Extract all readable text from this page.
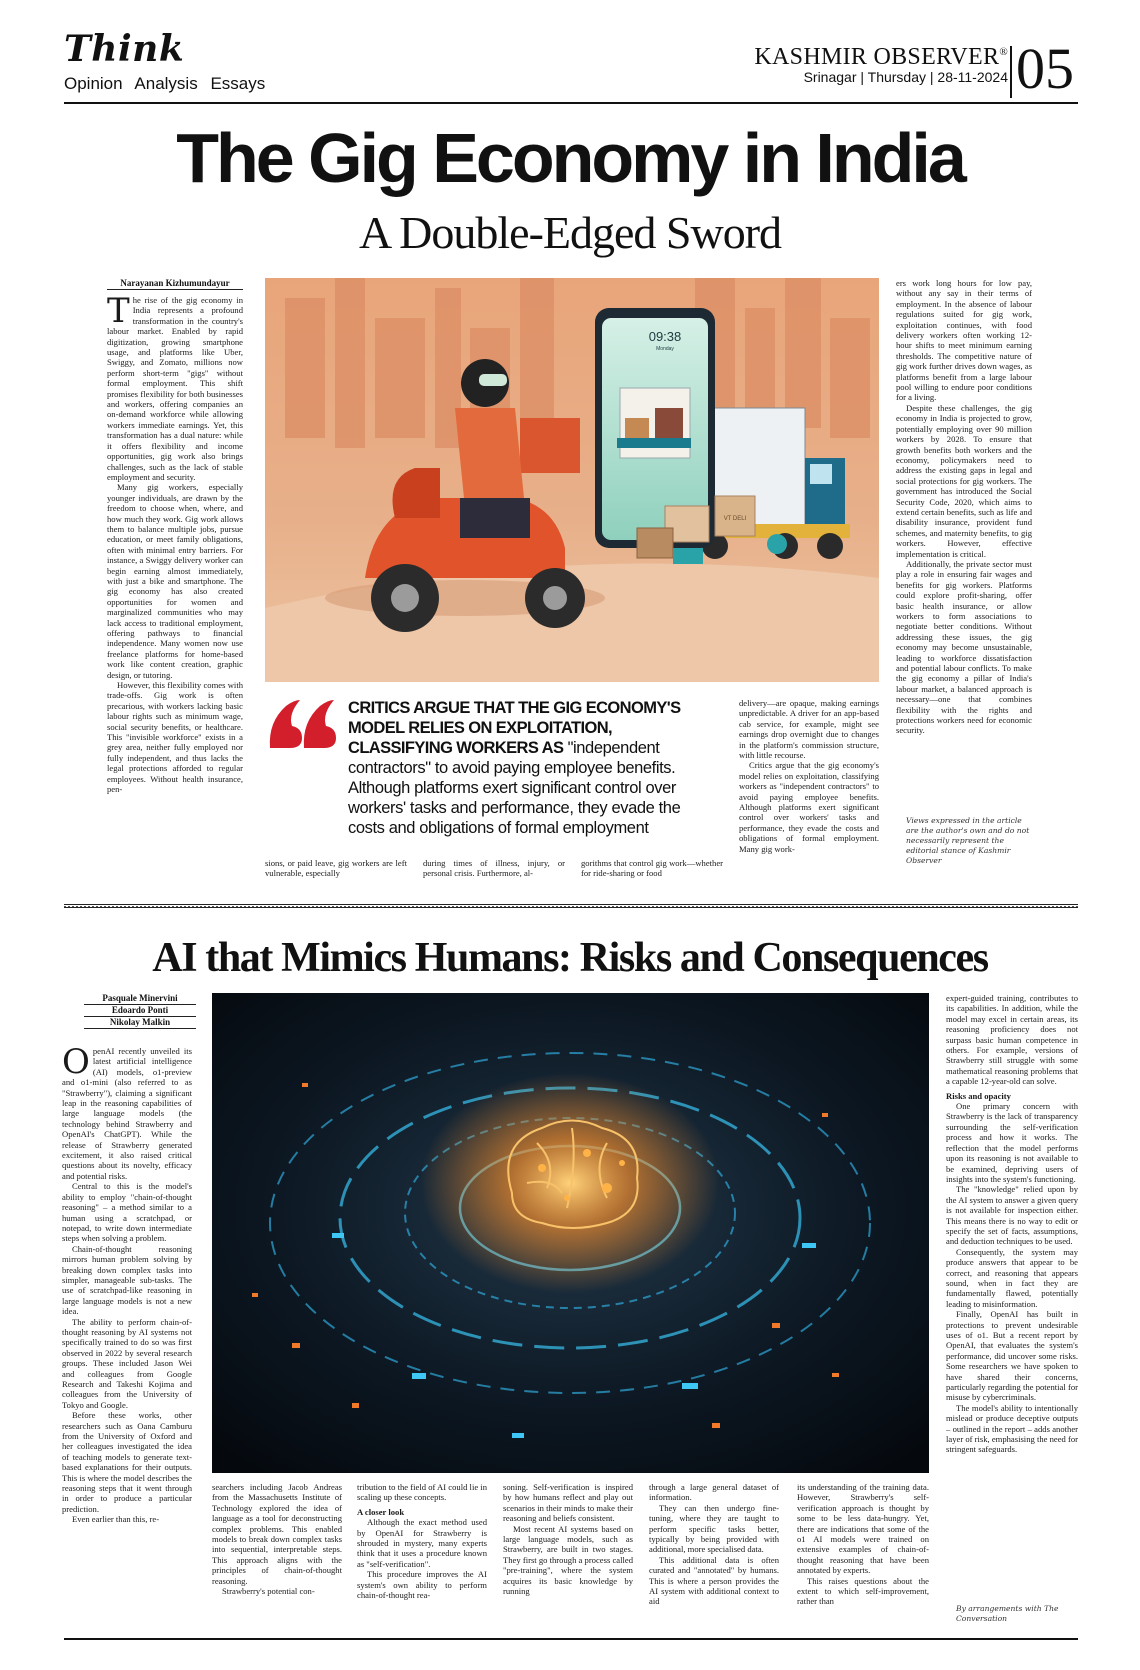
Think
Opinion Analysis Essays
KASHMIR OBSERVER®
Srinagar | Thursday | 28-11-2024 05
The Gig Economy in India
A Double-Edged Sword
Narayanan Kizhumundayur

The rise of the gig economy in India represents a profound transformation in the country's labour market. Enabled by rapid digitization, growing smartphone usage, and platforms like Uber, Swiggy, and Zomato, millions now perform short-term "gigs" without formal employment. This shift promises flexibility for both businesses and workers, offering companies an on-demand workforce while allowing workers immediate earnings. Yet, this transformation has a dual nature: while it offers flexibility and income opportunities, gig work also brings challenges, such as the lack of stable employment and security.

Many gig workers, especially younger individuals, are drawn by the freedom to choose when, where, and how much they work. Gig work allows them to balance multiple jobs, pursue education, or meet family obligations, often with minimal entry barriers. For instance, a Swiggy delivery worker can begin earning almost immediately, with just a bike and smartphone. The gig economy has also created opportunities for women and marginalized communities who may lack access to traditional employment, offering pathways to financial independence. Many women now use freelance platforms for home-based work like content creation, graphic design, or tutoring.

However, this flexibility comes with trade-offs. Gig work is often precarious, with workers lacking basic labour rights such as minimum wage, social security benefits, or healthcare. This "invisible workforce" exists in a grey area, neither fully employed nor fully independent, and thus lacks the legal protections afforded to regular employees. Without health insurance, pen-

09:38
Monday
VT DELI
CRITICS ARGUE THAT THE GIG ECONOMY'S MODEL RELIES ON EXPLOITATION, CLASSIFYING WORKERS AS "independent contractors" to avoid paying employee benefits. Although platforms exert significant control over workers' tasks and performance, they evade the costs and obligations of formal employment
sions, or paid leave, gig workers are left vulnerable, especially
during times of illness, injury, or personal crisis. Furthermore, al-
gorithms that control gig work—whether for ride-sharing or food

delivery—are opaque, making earnings unpredictable. A driver for an app-based cab service, for example, might see earnings drop overnight due to changes in the platform's commission structure, with little recourse.

Critics argue that the gig economy's model relies on exploitation, classifying workers as "independent contractors" to avoid paying employee benefits. Although platforms exert significant control over workers' tasks and performance, they evade the costs and obligations of formal employment. Many gig work-

ers work long hours for low pay, without any say in their terms of employment. In the absence of labour regulations suited for gig work, exploitation continues, with food delivery workers often working 12-hour shifts to meet minimum earning thresholds. The competitive nature of gig work further drives down wages, as platforms benefit from a large labour pool willing to endure poor conditions for a living.

Despite these challenges, the gig economy in India is projected to grow, potentially employing over 90 million workers by 2028. To ensure that growth benefits both workers and the economy, policymakers need to address the existing gaps in legal and social protections for gig workers. The government has introduced the Social Security Code, 2020, which aims to extend certain benefits, such as life and disability insurance, provident fund schemes, and maternity benefits, to gig workers. However, effective implementation is critical.

Additionally, the private sector must play a role in ensuring fair wages and benefits for gig workers. Platforms could explore profit-sharing, offer basic health insurance, or allow workers to form associations to negotiate better conditions. Without addressing these issues, the gig economy may become unsustainable, leading to workforce dissatisfaction and potential labour conflicts. To make the gig economy a pillar of India's labour market, a balanced approach is necessary—one that combines flexibility with the rights and protections workers need for economic security.

Views expressed in the article are the author's own and do not necessarily represent the editorial stance of Kashmir Observer
AI that Mimics Humans: Risks and Consequences
Pasquale Minervini
Edoardo Ponti
Nikolay Malkin

OpenAI recently unveiled its latest artificial intelligence (AI) models, o1-preview and o1-mini (also referred to as "Strawberry"), claiming a significant leap in the reasoning capabilities of large language models (the technology behind Strawberry and OpenAI's ChatGPT). While the release of Strawberry generated excitement, it also raised critical questions about its novelty, efficacy and potential risks.

Central to this is the model's ability to employ "chain-of-thought reasoning" – a method similar to a human using a scratchpad, or notepad, to write down intermediate steps when solving a problem.

Chain-of-thought reasoning mirrors human problem solving by breaking down complex tasks into simpler, manageable sub-tasks. The use of scratchpad-like reasoning in large language models is not a new idea.

The ability to perform chain-of-thought reasoning by AI systems not specifically trained to do so was first observed in 2022 by several research groups. These included Jason Wei and colleagues from Google Research and Takeshi Kojima and colleagues from the University of Tokyo and Google.

Before these works, other researchers such as Oana Camburu from the University of Oxford and her colleagues investigated the idea of teaching models to generate text-based explanations for their outputs. This is where the model describes the reasoning steps that it went through in order to produce a particular prediction.

Even earlier than this, re-

searchers including Jacob Andreas from the Massachusetts Institute of Technology explored the idea of language as a tool for deconstructing complex problems. This enabled models to break down complex tasks into sequential, interpretable steps. This approach aligns with the principles of chain-of-thought reasoning.

Strawberry's potential con-

tribution to the field of AI could lie in scaling up these concepts.

A closer look

Although the exact method used by OpenAI for Strawberry is shrouded in mystery, many experts think that it uses a procedure known as "self-verification".

This procedure improves the AI system's own ability to perform chain-of-thought rea-

soning. Self-verification is inspired by how humans reflect and play out scenarios in their minds to make their reasoning and beliefs consistent.

Most recent AI systems based on large language models, such as Strawberry, are built in two stages. They first go through a process called "pre-training", where the system acquires its basic knowledge by running

through a large general dataset of information.

They can then undergo fine-tuning, where they are taught to perform specific tasks better, typically by being provided with additional, more specialised data.

This additional data is often curated and "annotated" by humans. This is where a person provides the AI system with additional context to aid

its understanding of the training data. However, Strawberry's self-verification approach is thought by some to be less data-hungry. Yet, there are indications that some of the o1 AI models were trained on extensive examples of chain-of-thought reasoning that have been annotated by experts.

This raises questions about the extent to which self-improvement, rather than

expert-guided training, contributes to its capabilities. In addition, while the model may excel in certain areas, its reasoning proficiency does not surpass basic human competence in others. For example, versions of Strawberry still struggle with some mathematical reasoning problems that a capable 12-year-old can solve.

Risks and opacity

One primary concern with Strawberry is the lack of transparency surrounding the self-verification process and how it works. The reflection that the model performs upon its reasoning is not available to be examined, depriving users of insights into the system's functioning.

The "knowledge" relied upon by the AI system to answer a given query is not available for inspection either. This means there is no way to edit or specify the set of facts, assumptions, and deduction techniques to be used.

Consequently, the system may produce answers that appear to be correct, and reasoning that appears sound, when in fact they are fundamentally flawed, potentially leading to misinformation.

Finally, OpenAI has built in protections to prevent undesirable uses of o1. But a recent report by OpenAI, that evaluates the system's performance, did uncover some risks. Some researchers we have spoken to have shared their concerns, particularly regarding the potential for misuse by cybercriminals.

The model's ability to intentionally mislead or produce deceptive outputs – outlined in the report – adds another layer of risk, emphasising the need for stringent safeguards.

By arrangements with The Conversation
